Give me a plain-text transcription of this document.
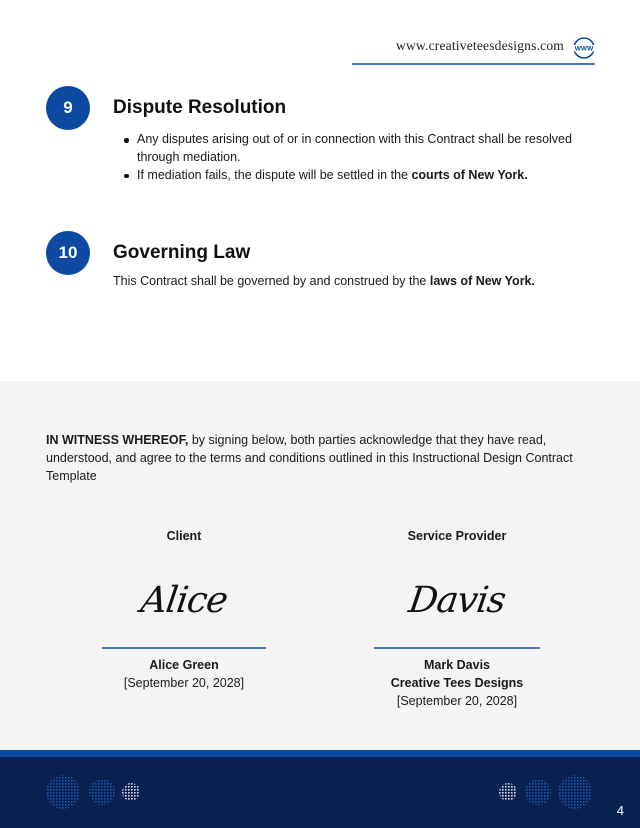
www.creativeteesdesigns.com WWW
9	Dispute Resolution
Any disputes arising out of or in connection with this Contract shall be resolved through mediation.
If mediation fails, the dispute will be settled in the courts of New York.
10	Governing Law
This Contract shall be governed by and construed by the laws of New York.
IN WITNESS WHEREOF, by signing below, both parties acknowledge that they have read, understood, and agree to the terms and conditions outlined in this Instructional Design Contract Template
Client
Alice
Alice Green
[September 20, 2028]
Service Provider
Davis
Mark Davis
Creative Tees Designs
[September 20, 2028]
4
